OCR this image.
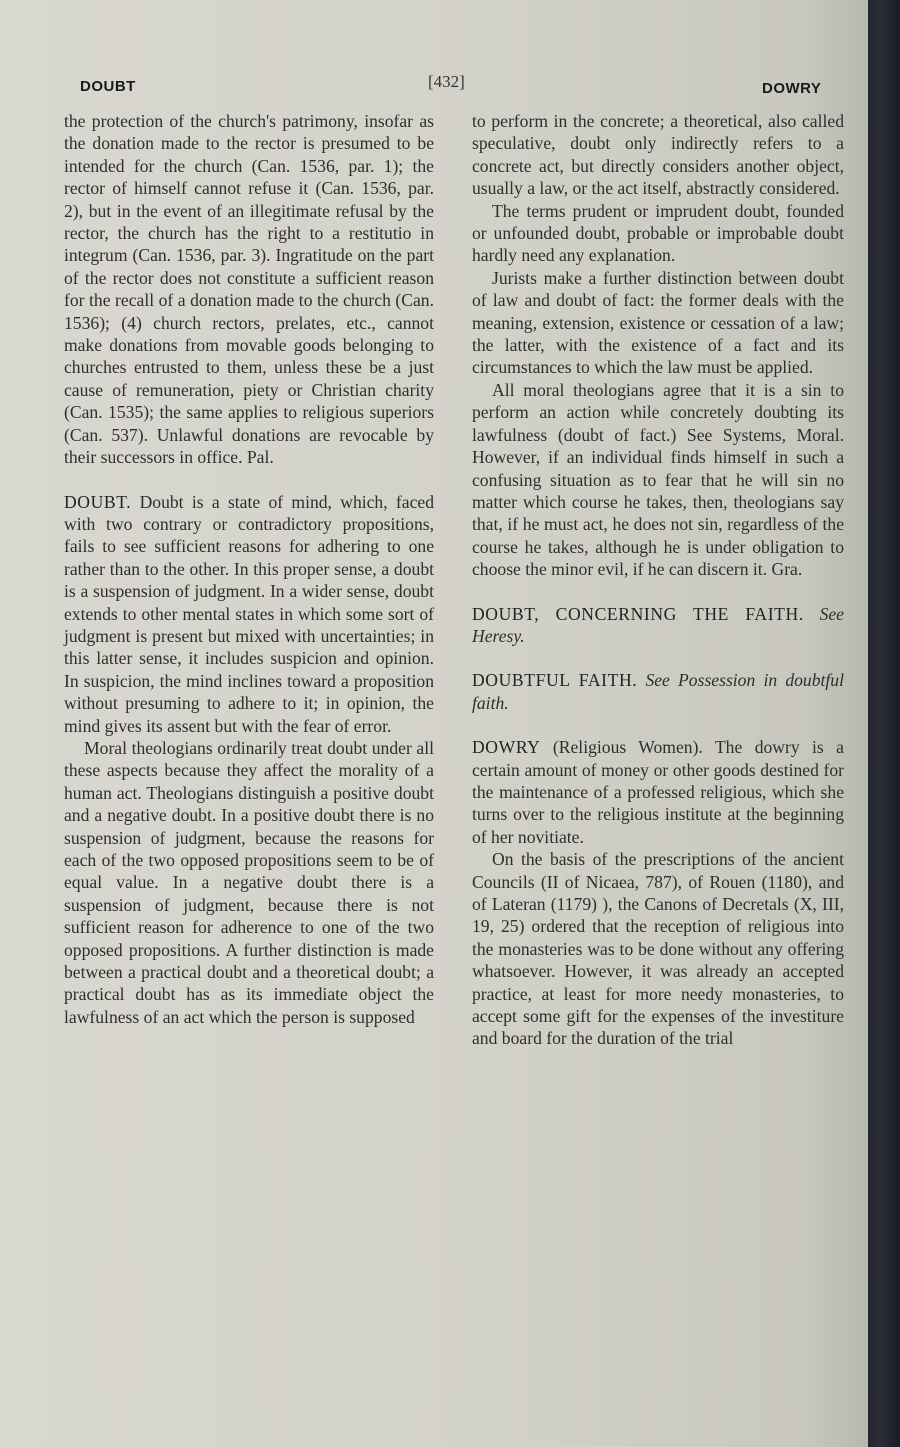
DOUBT	[432]	DOWRY

the protection of the church's patrimony, insofar as the donation made to the rector is presumed to be intended for the church (Can. 1536, par. 1); the rector of himself cannot refuse it (Can. 1536, par. 2), but in the event of an illegitimate refusal by the rector, the church has the right to a restitutio in integrum (Can. 1536, par. 3). Ingratitude on the part of the rector does not constitute a sufficient reason for the recall of a donation made to the church (Can. 1536); (4) church rectors, prelates, etc., cannot make donations from movable goods belonging to churches entrusted to them, unless these be a just cause of remuneration, piety or Christian charity (Can. 1535); the same applies to religious superiors (Can. 537). Unlawful donations are revocable by their successors in office. Pal.

DOUBT. Doubt is a state of mind, which, faced with two contrary or contradictory propositions, fails to see sufficient reasons for adhering to one rather than to the other. In this proper sense, a doubt is a suspension of judgment. In a wider sense, doubt extends to other mental states in which some sort of judgment is present but mixed with uncertainties; in this latter sense, it includes suspicion and opinion. In suspicion, the mind inclines toward a proposition without presuming to adhere to it; in opinion, the mind gives its assent but with the fear of error.

Moral theologians ordinarily treat doubt under all these aspects because they affect the morality of a human act. Theologians distinguish a positive doubt and a negative doubt. In a positive doubt there is no suspension of judgment, because the reasons for each of the two opposed propositions seem to be of equal value. In a negative doubt there is a suspension of judgment, because there is not sufficient reason for adherence to one of the two opposed propositions. A further distinction is made between a practical doubt and a theoretical doubt; a practical doubt has as its immediate object the lawfulness of an act which the person is supposed

to perform in the concrete; a theoretical, also called speculative, doubt only indirectly refers to a concrete act, but directly considers another object, usually a law, or the act itself, abstractly considered.

The terms prudent or imprudent doubt, founded or unfounded doubt, probable or improbable doubt hardly need any explanation.

Jurists make a further distinction between doubt of law and doubt of fact: the former deals with the meaning, extension, existence or cessation of a law; the latter, with the existence of a fact and its circumstances to which the law must be applied.

All moral theologians agree that it is a sin to perform an action while concretely doubting its lawfulness (doubt of fact.) See Systems, Moral. However, if an individual finds himself in such a confusing situation as to fear that he will sin no matter which course he takes, then, theologians say that, if he must act, he does not sin, regardless of the course he takes, although he is under obligation to choose the minor evil, if he can discern it. Gra.

DOUBT, CONCERNING THE FAITH. See Heresy.

DOUBTFUL FAITH. See Possession in doubtful faith.

DOWRY (Religious Women). The dowry is a certain amount of money or other goods destined for the maintenance of a professed religious, which she turns over to the religious institute at the beginning of her novitiate.

On the basis of the prescriptions of the ancient Councils (II of Nicaea, 787), of Rouen (1180), and of Lateran (1179) ), the Canons of Decretals (X, III, 19, 25) ordered that the reception of religious into the monasteries was to be done without any offering whatsoever. However, it was already an accepted practice, at least for more needy monasteries, to accept some gift for the expenses of the investiture and board for the duration of the trial
